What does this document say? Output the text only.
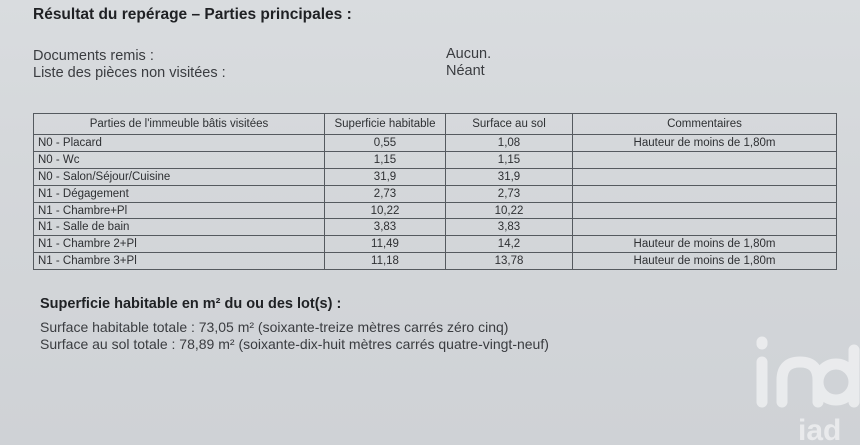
Résultat du repérage – Parties principales :
Documents remis :	Aucun.
Liste des pièces non visitées :	Néant
Parties de l'immeuble bâtis visitées	Superficie habitable	Surface au sol	Commentaires
N0 - Placard	0,55	1,08	Hauteur de moins de 1,80m
N0 - Wc	1,15	1,15	
N0 - Salon/Séjour/Cuisine	31,9	31,9	
N1 - Dégagement	2,73	2,73	
N1 - Chambre+Pl	10,22	10,22	
N1 - Salle de bain	3,83	3,83	
N1 - Chambre 2+Pl	11,49	14,2	Hauteur de moins de 1,80m
N1 - Chambre 3+Pl	11,18	13,78	Hauteur de moins de 1,80m
Superficie habitable en m² du ou des lot(s) :
Surface habitable totale : 73,05 m² (soixante-treize mètres carrés zéro cinq)
Surface au sol totale : 78,89 m² (soixante-dix-huit mètres carrés quatre-vingt-neuf)
iad
